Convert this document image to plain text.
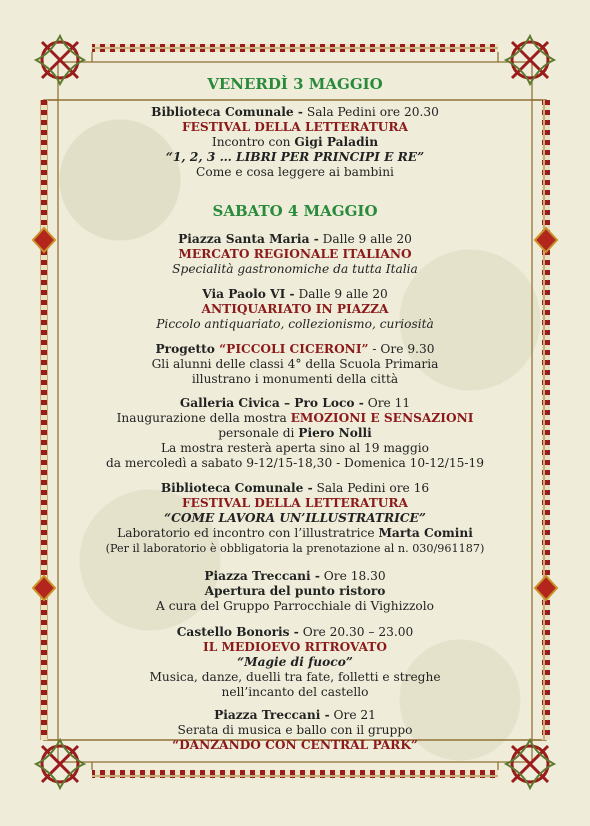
VENERDÌ 3 MAGGIO
Biblioteca Comunale - Sala Pedini ore 20.30
FESTIVAL DELLA LETTERATURA
Incontro con Gigi Paladin
“1, 2, 3 … LIBRI PER PRINCIPI E RE”
Come e cosa leggere ai bambini
SABATO 4 MAGGIO
Piazza Santa Maria - Dalle 9 alle 20
MERCATO REGIONALE ITALIANO
Specialità gastronomiche da tutta Italia
Via Paolo VI - Dalle 9 alle 20
ANTIQUARIATO IN PIAZZA
Piccolo antiquariato, collezionismo, curiosità
Progetto “PICCOLI CICERONI” - Ore 9.30
Gli alunni delle classi 4° della Scuola Primaria
illustrano i monumenti della città
Galleria Civica – Pro Loco - Ore 11
Inaugurazione della mostra EMOZIONI E SENSAZIONI
personale di Piero Nolli
La mostra resterà aperta sino al 19 maggio
da mercoledì a sabato 9-12/15-18,30 - Domenica 10-12/15-19
Biblioteca Comunale - Sala Pedini ore 16
FESTIVAL DELLA LETTERATURA
“COME LAVORA UN’ILLUSTRATRICE”
Laboratorio ed incontro con l’illustratrice Marta Comini
(Per il laboratorio è obbligatoria la prenotazione al n. 030/961187)
Piazza Treccani - Ore 18.30
Apertura del punto ristoro
A cura del Gruppo Parrocchiale di Vighizzolo
Castello Bonoris - Ore 20.30 – 23.00
IL MEDIOEVO RITROVATO
“Magie di fuoco”
Musica, danze, duelli tra fate, folletti e streghe
nell’incanto del castello
Piazza Treccani - Ore 21
Serata di musica e ballo con il gruppo
“DANZANDO CON CENTRAL PARK”
